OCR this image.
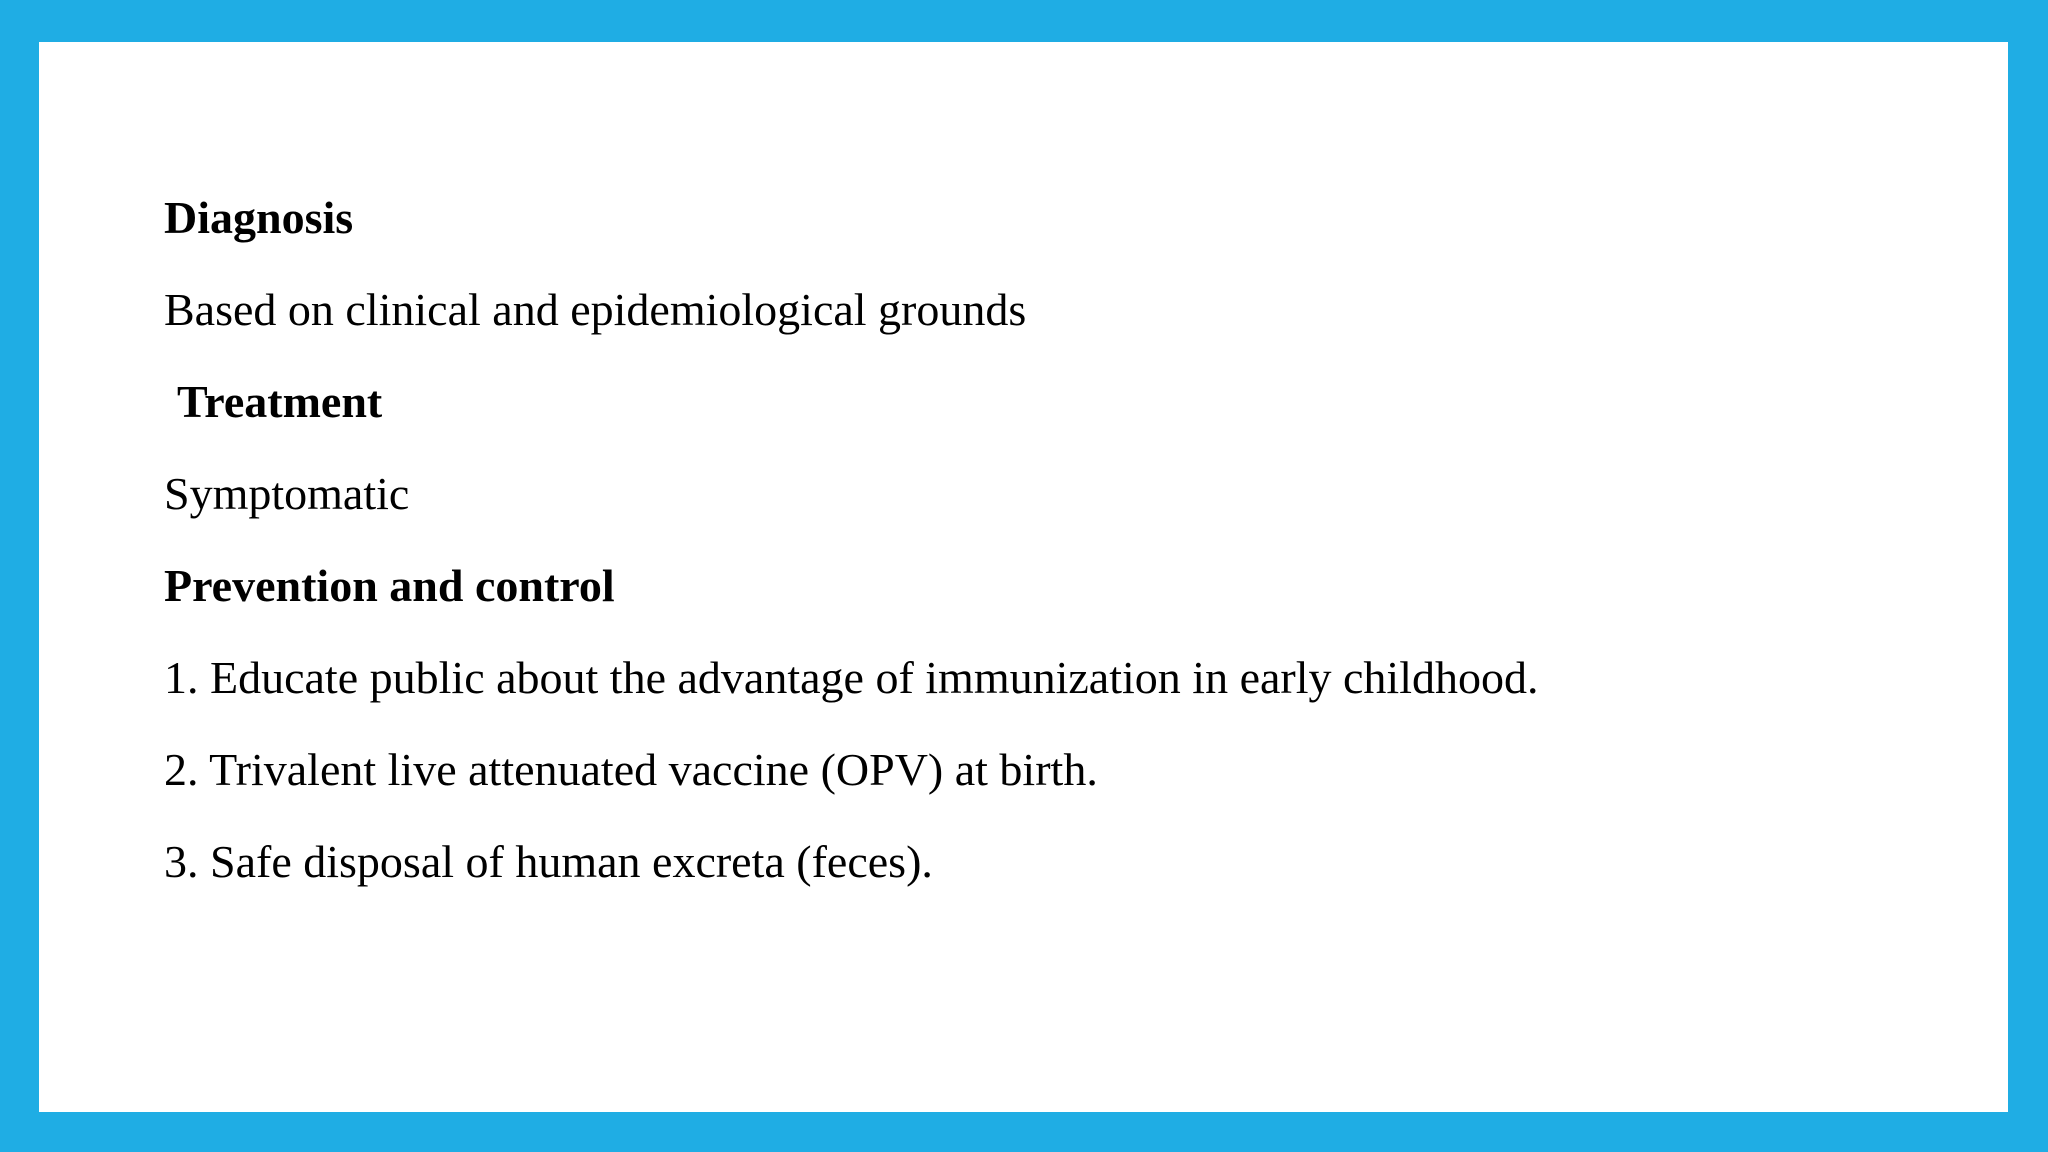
Diagnosis

Based on clinical and epidemiological grounds

Treatment

Symptomatic

Prevention and control

1. Educate public about the advantage of immunization in early childhood.

2. Trivalent live attenuated vaccine (OPV) at birth.

3. Safe disposal of human excreta (feces).
